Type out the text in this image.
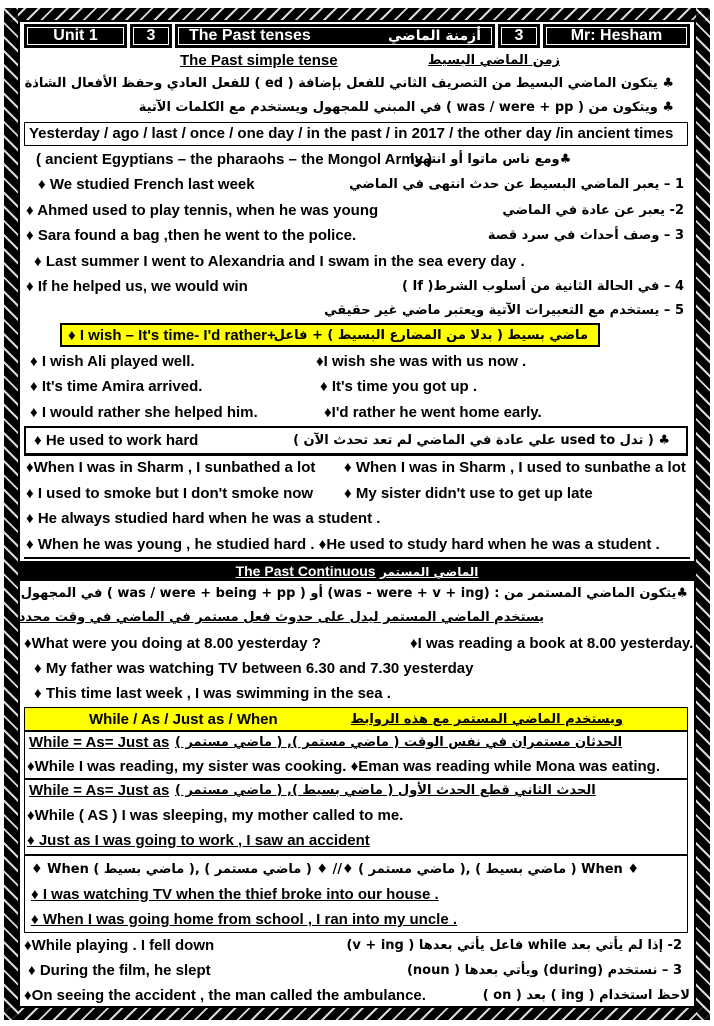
Unit 1	3	The Past tenses	أزمنة الماضي	3	Mr: Hesham
The Past simple tense	زمن الماضي البسيط
♣ يتكون الماضي البسيط من التصريف الثاني للفعل بإضافة ( ed ) للفعل العادي وحفظ الأفعال الشاذة
♣ ويتكون من ( was / were + pp ) في المبني للمجهول ويستخدم مع الكلمات الآتية
Yesterday / ago / last / once / one day / in the past / in 2017 / the other day /in ancient times
( ancient Egyptians – the pharaohs – the Mongol Army )
♣ومع ناس ماتوا أو انتهوا
♦ We studied French last week	1 – يعبر الماضي البسيط عن حدث انتهى في الماضي
♦ Ahmed used to play tennis, when he was young	2- يعبر عن عادة في الماضي
♦ Sara found a bag ,then he went to the police.	3 – وصف أحداث في سرد قصة
♦ Last summer I went to Alexandria and I swam in the sea every day .
♦ If he helped us, we would win	4 – في الحالة الثانية من أسلوب الشرط( If )
5 – يستخدم مع التعبيرات الآتية ويعتبر ماضي غير حقيقي
♦ I wish – It's time- I'd rather+
ماضي بسيط ( بدلا من المضارع البسيط ) + فاعل
♦ I wish Ali played well.	♦I wish she was with us now .
♦ It's time Amira arrived.	♦ It's time you got up .
♦ I would rather she helped him.	♦I'd rather he went home early.
♦ He used to work hard	♣ ( تدل used to علي عادة في الماضي لم تعد تحدث الآن )
♦When I was in Sharm , I sunbathed a lot ♦ When I was in Sharm , I used to sunbathe a lot
♦ I used to smoke but I don't smoke now ♦ My sister didn't use to get up late
♦ He always studied hard when he was a student .
♦ When he was young , he studied hard . ♦He used to study hard when he was a student .
The Past Continuous الماضي المستمر
♣يتكون الماضي المستمر من : (was - were + v + ing) أو ( was / were + being + pp ) في المجهول
يستخدم الماضي المستمر ليدل على حدوث فعل مستمر في الماضي في وقت محدد
♦What were you doing at 8.00 yesterday ?	♦I was reading a book at 8.00 yesterday.
♦ My father was watching TV between 6.30 and 7.30 yesterday
♦ This time last week , I was swimming in the sea .
While / As / Just as / When	ويستخدم الماضي المستمر مع هذه الروابط
While = As= Just as الحدثان مستمران في نفس الوقت ( ماضي مستمر ), ( ماضي مستمر )
♦While I was reading, my sister was cooking. ♦Eman was reading while Mona was eating.
While = As= Just as الحدث الثاني قطع الحدث الأول ( ماضي بسيط ), ( ماضي مستمر )
♦While ( AS ) I was sleeping, my mother called to me.
♦ Just as I was going to work , I saw an accident
♦ When ( ماضي بسيط ), ( ماضي مستمر ) ♦ //♦ ( ماضي مستمر ), ( ماضي بسيط ) When ♦
♦ I was watching TV when the thief broke into our house .
♦ When I was going home from school , I ran into my uncle .
♦While playing . I fell down	2- إذا لم يأتي بعد while فاعل يأتي بعدها ( v + ing)
♦ During the film, he slept	3 – نستخدم (during) ويأتي بعدها ( noun)
♦On seeing the accident , the man called the ambulance.	لاحظ استخدام ( ing ) بعد ( on )
